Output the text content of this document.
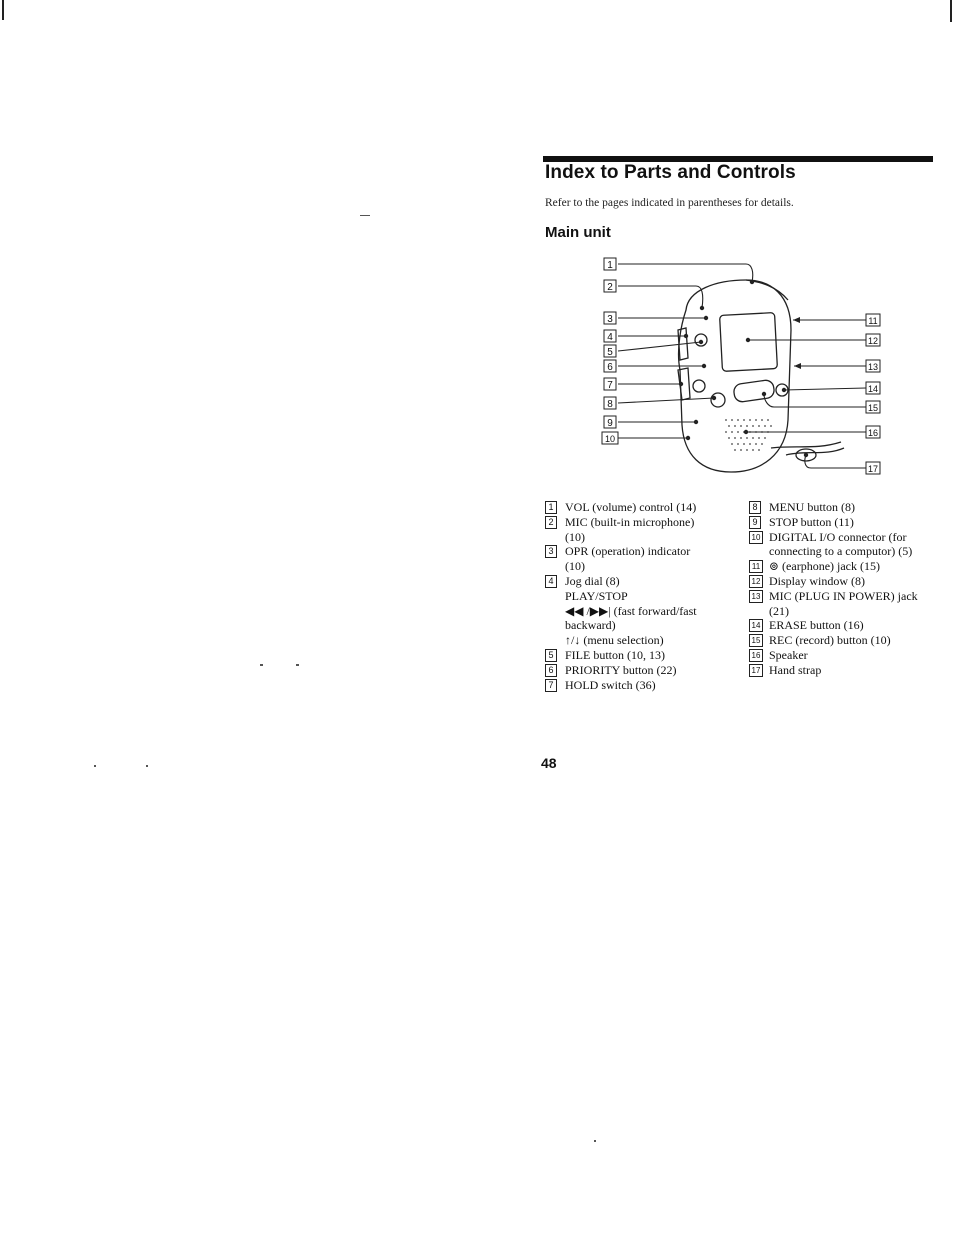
Index to Parts and Controls
Refer to the pages indicated in parentheses for details.
Main unit
1
2
3
4
5
6
7
8
9
10
11
12
13
14
15
16
17
1 VOL (volume) control (14)
2 MIC (built-in microphone)
(10)
3 OPR (operation) indicator
(10)
4 Jog dial (8)
PLAY/STOP
◀◀ /▶▶| (fast forward/fast
backward)
↑/↓ (menu selection)
5 FILE button (10, 13)
6 PRIORITY button (22)
7 HOLD switch (36)
8 MENU button (8)
9 STOP button (11)
10 DIGITAL I/O connector (for
connecting to a computor) (5)
11 ⊚ (earphone) jack (15)
12 Display window (8)
13 MIC (PLUG IN POWER) jack
(21)
14 ERASE button (16)
15 REC (record) button (10)
16 Speaker
17 Hand strap
48
